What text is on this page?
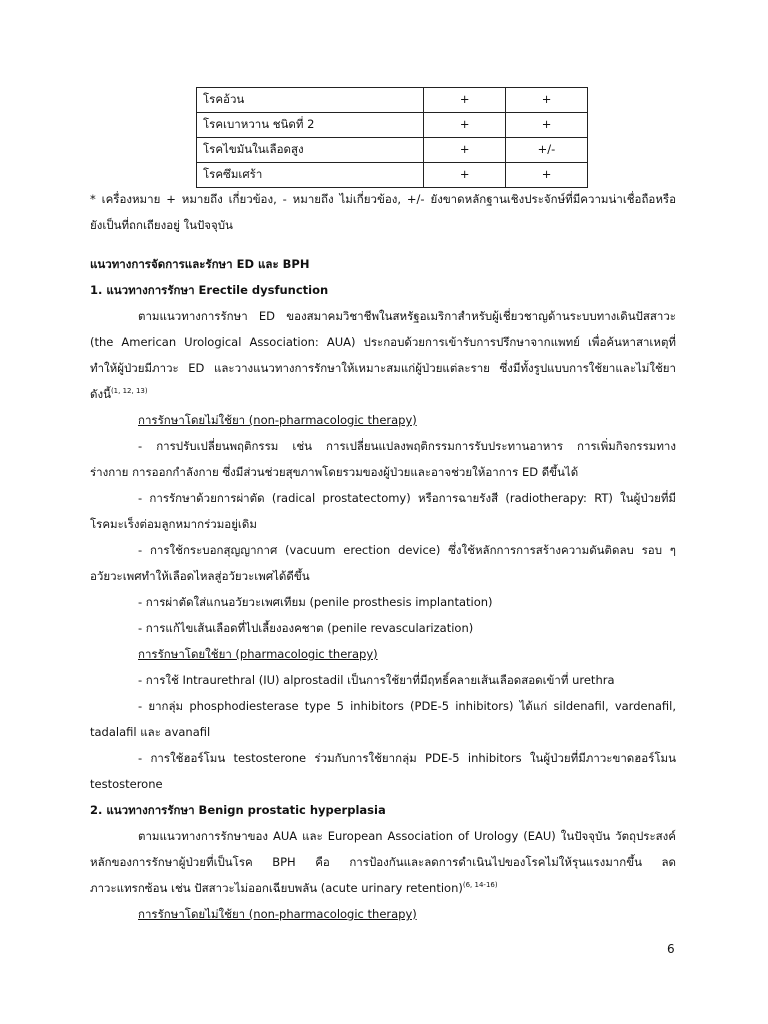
โรคอ้วน	+	+
โรคเบาหวาน ชนิดที่ 2	+	+
โรคไขมันในเลือดสูง	+	+/-
โรคซึมเศร้า	+	+
* เครื่องหมาย + หมายถึง เกี่ยวข้อง, - หมายถึง ไม่เกี่ยวข้อง, +/- ยังขาดหลักฐานเชิงประจักษ์ที่มีความน่าเชื่อถือหรือ
ยังเป็นที่ถกเถียงอยู่ ในปัจจุบัน
แนวทางการจัดการและรักษา ED และ BPH
1. แนวทางการรักษา Erectile dysfunction
ตามแนวทางการรักษา ED ของสมาคมวิชาชีพในสหรัฐอเมริกาสำหรับผู้เชี่ยวชาญด้านระบบทางเดินปัสสาวะ
(the American Urological Association: AUA) ประกอบด้วยการเข้ารับการปรึกษาจากแพทย์ เพื่อค้นหาสาเหตุที่
ทำให้ผู้ป่วยมีภาวะ ED และวางแนวทางการรักษาให้เหมาะสมแก่ผู้ป่วยแต่ละราย ซึ่งมีทั้งรูปแบบการใช้ยาและไม่ใช้ยา
ดังนี้$^{(1, 12, 13)}$
การรักษาโดยไม่ใช้ยา (non-pharmacologic therapy)
- การปรับเปลี่ยนพฤติกรรม เช่น การเปลี่ยนแปลงพฤติกรรมการรับประทานอาหาร การเพิ่มกิจกรรมทาง
ร่างกาย การออกกำลังกาย ซึ่งมีส่วนช่วยสุขภาพโดยรวมของผู้ป่วยและอาจช่วยให้อาการ ED ดีขึ้นได้
- การรักษาด้วยการผ่าตัด (radical prostatectomy) หรือการฉายรังสี (radiotherapy: RT) ในผู้ป่วยที่มี
โรคมะเร็งต่อมลูกหมากร่วมอยู่เดิม
- การใช้กระบอกสุญญากาศ (vacuum erection device) ซึ่งใช้หลักการการสร้างความดันติดลบ รอบ ๆ
อวัยวะเพศทำให้เลือดไหลสู่อวัยวะเพศได้ดีขึ้น
- การผ่าตัดใส่แกนอวัยวะเพศเทียม (penile prosthesis implantation)
- การแก้ไขเส้นเลือดที่ไปเลี้ยงองคชาต (penile revascularization)
การรักษาโดยใช้ยา (pharmacologic therapy)
- การใช้ Intraurethral (IU) alprostadil เป็นการใช้ยาที่มีฤทธิ์คลายเส้นเลือดสอดเข้าที่ urethra
- ยากลุ่ม phosphodiesterase type 5 inhibitors (PDE-5 inhibitors) ได้แก่ sildenafil, vardenafil,
tadalafil และ avanafil
- การใช้ฮอร์โมน testosterone ร่วมกับการใช้ยากลุ่ม PDE-5 inhibitors ในผู้ป่วยที่มีภาวะขาดฮอร์โมน
testosterone
2. แนวทางการรักษา Benign prostatic hyperplasia
ตามแนวทางการรักษาของ AUA และ European Association of Urology (EAU) ในปัจจุบัน วัตถุประสงค์
หลักของการรักษาผู้ป่วยที่เป็นโรค BPH คือ การป้องกันและลดการดำเนินไปของโรคไม่ให้รุนแรงมากขึ้น ลด
ภาวะแทรกซ้อน เช่น ปัสสาวะไม่ออกเฉียบพลัน (acute urinary retention)$^{(6, 14-16)}$
การรักษาโดยไม่ใช้ยา (non-pharmacologic therapy)
6
